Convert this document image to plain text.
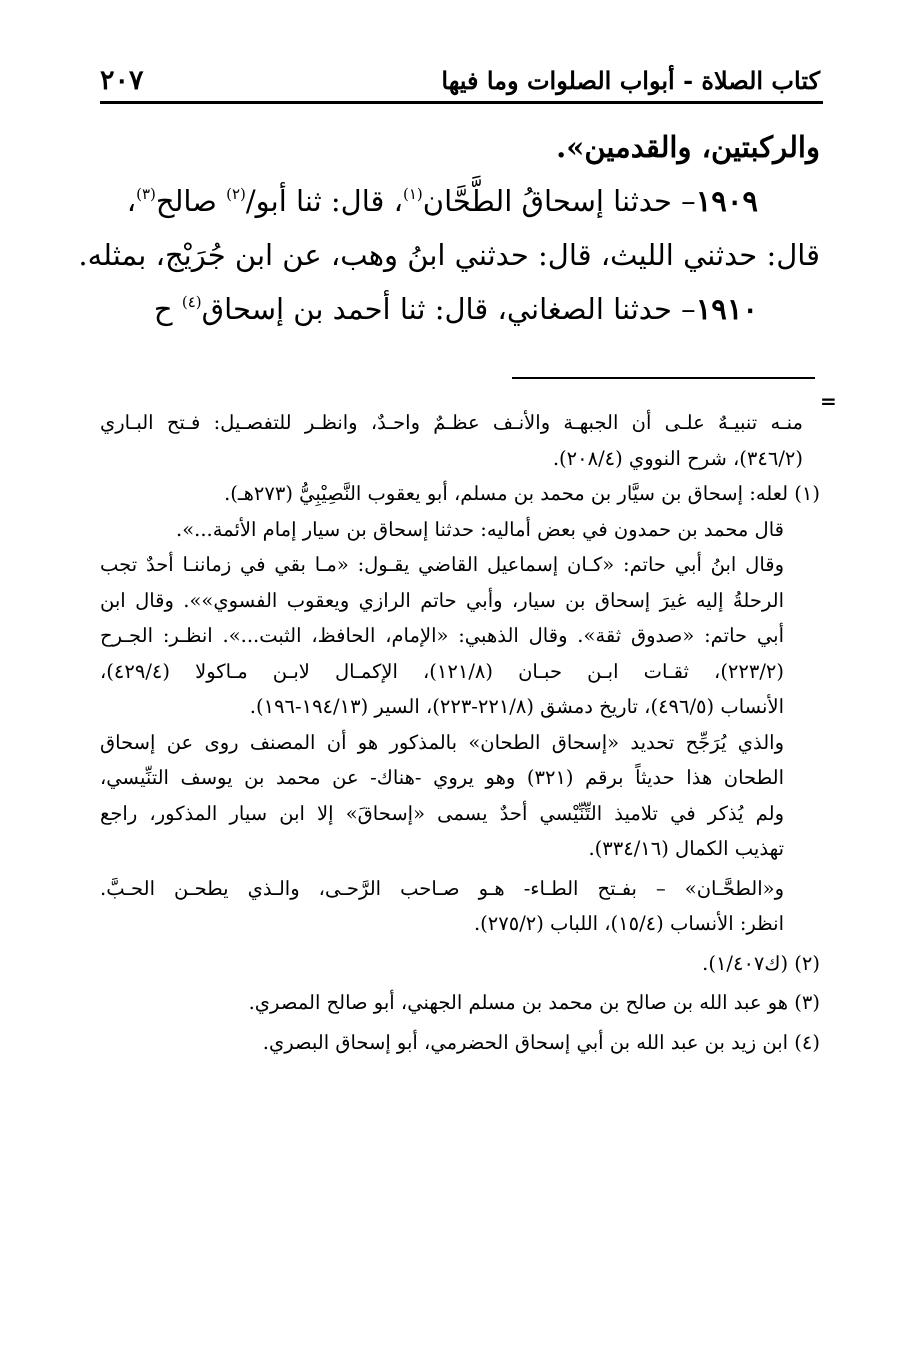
كتاب الصلاة - أبواب الصلوات وما فيها
٢٠٧
والركبتين، والقدمين».
١٩٠٩– حدثنا إسحاقُ الطَّحَّان$^{(١)}$، قال: ثنا أبو/$^{(٢)}$ صالح$^{(٣)}$،
قال: حدثني الليث، قال: حدثني ابنُ وهب، عن ابن جُرَيْج، بمثله.
١٩١٠– حدثنا الصغاني، قال: ثنا أحمد بن إسحاق$^{(٤)}$ ح
=
منـه تنبيـهٌ علـى أن الجبهـة والأنـف عظـمٌ واحـدٌ، وانظـر للتفصـيل: فـتح البـاري
(٣٤٦/٢)، شرح النووي (٢٠٨/٤).
(١) لعله: إسحاق بن سيَّار بن محمد بن مسلم، أبو يعقوب النَّصِيْبِيُّ (٢٧٣هـ).
قال محمد بن حمدون في بعض أماليه: حدثنا إسحاق بن سيار إمام الأئمة...».
وقال ابنُ أبي حاتم: «كـان إسماعيل القاضي يقـول: «مـا بقي في زماننـا أحدٌ تجب
الرحلةُ إليه غيرَ إسحاق بن سيار، وأبي حاتم الرازي ويعقوب الفسوي»». وقال ابن
أبي حاتم: «صدوق ثقة». وقال الذهبي: «الإمام، الحافظ، الثبت...». انظـر: الجـرح
(٢٢٣/٢)، ثقـات ابـن حبـان (١٢١/٨)، الإكمـال لابـن مـاكولا (٤٢٩/٤)،
الأنساب (٤٩٦/٥)، تاريخ دمشق (٢٢١/٨-٢٢٣)، السير (١٩٤/١٣-١٩٦).
والذي يُرَجِّح تحديد «إسحاق الطحان» بالمذكور هو أن المصنف روى عن إسحاق
الطحان هذا حديثاً برقم (٣٢١) وهو يروي -هناك- عن محمد بن يوسف التنِّيسي،
ولم يُذكر في تلاميذ التِّنِّيْسي أحدٌ يسمى «إسحاقَ» إلا ابن سيار المذكور، راجع
تهذيب الكمال (٣٣٤/١٦).
و«الطحَّـان» – بفـتح الطـاء- هـو صـاحب الرَّحـى، والـذي يطحـن الحـبَّ.
انظر: الأنساب (١٥/٤)، اللباب (٢٧٥/٢).
(٢) (ك١/٤٠٧).
(٣) هو عبد الله بن صالح بن محمد بن مسلم الجهني، أبو صالح المصري.
(٤) ابن زيد بن عبد الله بن أبي إسحاق الحضرمي، أبو إسحاق البصري.
